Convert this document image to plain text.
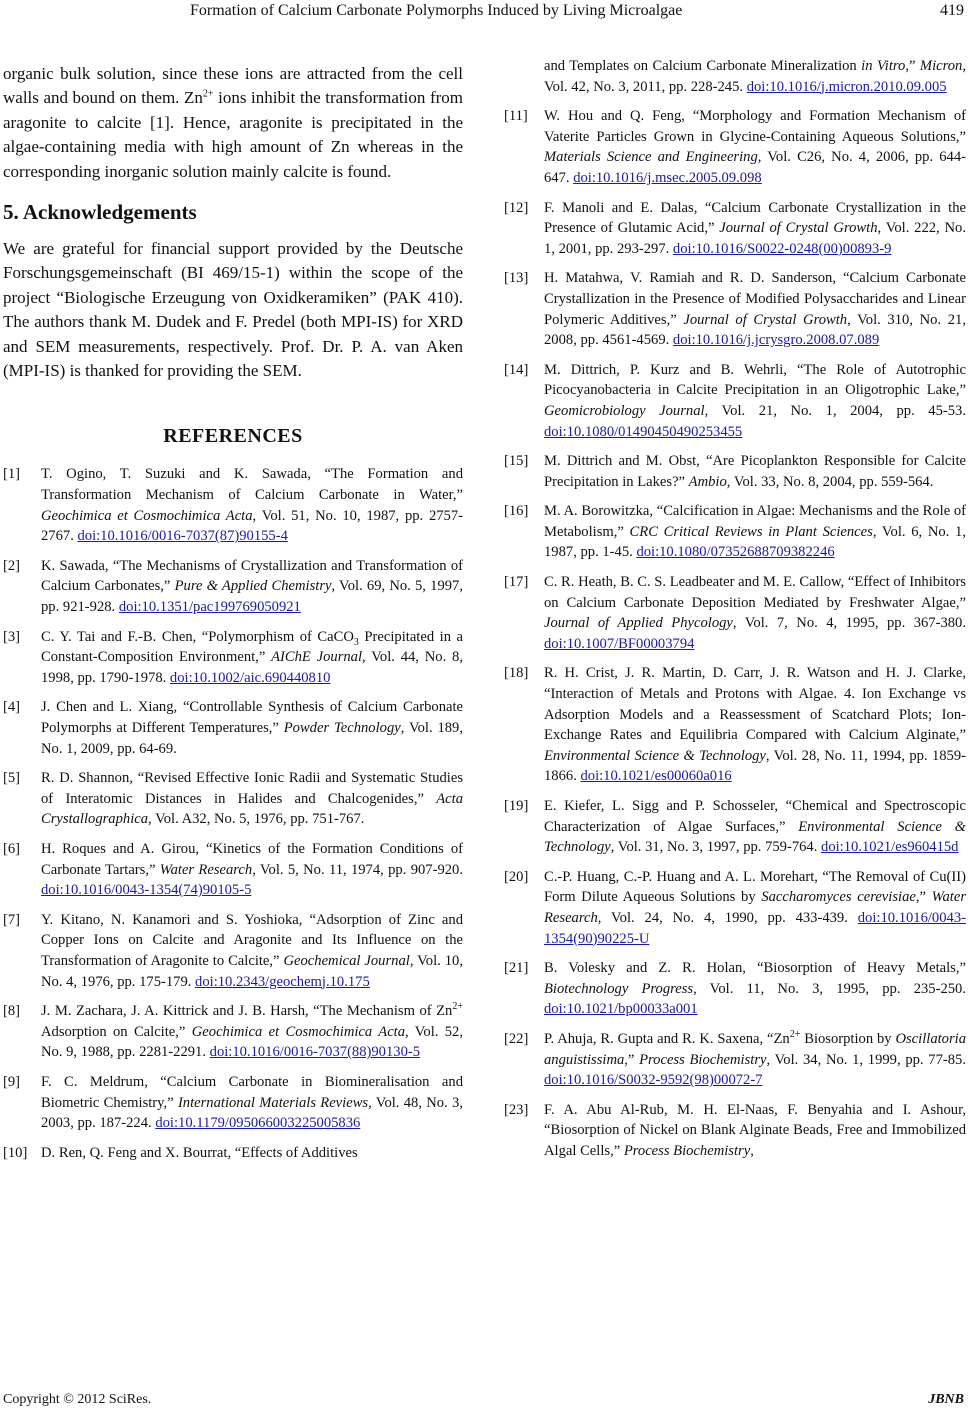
Formation of Calcium Carbonate Polymorphs Induced by Living Microalgae	419

organic bulk solution, since these ions are attracted from the cell walls and bound on them. $Zn^{2+}$ ions inhibit the transformation from aragonite to calcite [1]. Hence, aragonite is precipitated in the algae-containing media with high amount of Zn whereas in the corresponding inorganic solution mainly calcite is found.

5. Acknowledgements

We are grateful for financial support provided by the Deutsche Forschungsgemeinschaft (BI 469/15-1) within the scope of the project “Biologische Erzeugung von Oxidkeramiken” (PAK 410). The authors thank M. Dudek and F. Predel (both MPI-IS) for XRD and SEM measurements, respectively. Prof. Dr. P. A. van Aken (MPI-IS) is thanked for providing the SEM.

REFERENCES
[1]	T. Ogino, T. Suzuki and K. Sawada, “The Formation and Transformation Mechanism of Calcium Carbonate in Water,” Geochimica et Cosmochimica Acta, Vol. 51, No. 10, 1987, pp. 2757-2767. doi:10.1016/0016-7037(87)90155-4
[2]	K. Sawada, “The Mechanisms of Crystallization and Transformation of Calcium Carbonates,” Pure & Applied Chemistry, Vol. 69, No. 5, 1997, pp. 921-928. doi:10.1351/pac199769050921
[3]	C. Y. Tai and F.-B. Chen, “Polymorphism of CaCO$_3$ Precipitated in a Constant-Composition Environment,” AIChE Journal, Vol. 44, No. 8, 1998, pp. 1790-1978. doi:10.1002/aic.690440810
[4]	J. Chen and L. Xiang, “Controllable Synthesis of Calcium Carbonate Polymorphs at Different Temperatures,” Powder Technology, Vol. 189, No. 1, 2009, pp. 64-69.
[5]	R. D. Shannon, “Revised Effective Ionic Radii and Systematic Studies of Interatomic Distances in Halides and Chalcogenides,” Acta Crystallographica, Vol. A32, No. 5, 1976, pp. 751-767.
[6]	H. Roques and A. Girou, “Kinetics of the Formation Conditions of Carbonate Tartars,” Water Research, Vol. 5, No. 11, 1974, pp. 907-920. doi:10.1016/0043-1354(74)90105-5
[7]	Y. Kitano, N. Kanamori and S. Yoshioka, “Adsorption of Zinc and Copper Ions on Calcite and Aragonite and Its Influence on the Transformation of Aragonite to Calcite,” Geochemical Journal, Vol. 10, No. 4, 1976, pp. 175-179. doi:10.2343/geochemj.10.175
[8]	J. M. Zachara, J. A. Kittrick and J. B. Harsh, “The Mechanism of $Zn^{2+}$ Adsorption on Calcite,” Geochimica et Cosmochimica Acta, Vol. 52, No. 9, 1988, pp. 2281-2291. doi:10.1016/0016-7037(88)90130-5
[9]	F. C. Meldrum, “Calcium Carbonate in Biomineralisation and Biometric Chemistry,” International Materials Reviews, Vol. 48, No. 3, 2003, pp. 187-224. doi:10.1179/095066003225005836
[10] D. Ren, Q. Feng and X. Bourrat, “Effects of Additives
and Templates on Calcium Carbonate Mineralization in Vitro,” Micron, Vol. 42, No. 3, 2011, pp. 228-245. doi:10.1016/j.micron.2010.09.005
[11]	W. Hou and Q. Feng, “Morphology and Formation Mechanism of Vaterite Particles Grown in Glycine-Containing Aqueous Solutions,” Materials Science and Engineering, Vol. C26, No. 4, 2006, pp. 644-647. doi:10.1016/j.msec.2005.09.098
[12]	F. Manoli and E. Dalas, “Calcium Carbonate Crystallization in the Presence of Glutamic Acid,” Journal of Crystal Growth, Vol. 222, No. 1, 2001, pp. 293-297. doi:10.1016/S0022-0248(00)00893-9
[13]	H. Matahwa, V. Ramiah and R. D. Sanderson, “Calcium Carbonate Crystallization in the Presence of Modified Polysaccharides and Linear Polymeric Additives,” Journal of Crystal Growth, Vol. 310, No. 21, 2008, pp. 4561-4569. doi:10.1016/j.jcrysgro.2008.07.089
[14]	M. Dittrich, P. Kurz and B. Wehrli, “The Role of Autotrophic Picocyanobacteria in Calcite Precipitation in an Oligotrophic Lake,” Geomicrobiology Journal, Vol. 21, No. 1, 2004, pp. 45-53. doi:10.1080/01490450490253455
[15]	M. Dittrich and M. Obst, “Are Picoplankton Responsible for Calcite Precipitation in Lakes?” Ambio, Vol. 33, No. 8, 2004, pp. 559-564.
[16]	M. A. Borowitzka, “Calcification in Algae: Mechanisms and the Role of Metabolism,” CRC Critical Reviews in Plant Sciences, Vol. 6, No. 1, 1987, pp. 1-45. doi:10.1080/07352688709382246
[17]	C. R. Heath, B. C. S. Leadbeater and M. E. Callow, “Effect of Inhibitors on Calcium Carbonate Deposition Mediated by Freshwater Algae,” Journal of Applied Phycology, Vol. 7, No. 4, 1995, pp. 367-380. doi:10.1007/BF00003794
[18]	R. H. Crist, J. R. Martin, D. Carr, J. R. Watson and H. J. Clarke, “Interaction of Metals and Protons with Algae. 4. Ion Exchange vs Adsorption Models and a Reassessment of Scatchard Plots; Ion-Exchange Rates and Equilibria Compared with Calcium Alginate,” Environmental Science & Technology, Vol. 28, No. 11, 1994, pp. 1859-1866. doi:10.1021/es00060a016
[19]	E. Kiefer, L. Sigg and P. Schosseler, “Chemical and Spectroscopic Characterization of Algae Surfaces,” Environmental Science & Technology, Vol. 31, No. 3, 1997, pp. 759-764. doi:10.1021/es960415d
[20]	C.-P. Huang, C.-P. Huang and A. L. Morehart, “The Removal of Cu(II) Form Dilute Aqueous Solutions by Saccharomyces cerevisiae,” Water Research, Vol. 24, No. 4, 1990, pp. 433-439. doi:10.1016/0043-1354(90)90225-U
[21]	B. Volesky and Z. R. Holan, “Biosorption of Heavy Metals,” Biotechnology Progress, Vol. 11, No. 3, 1995, pp. 235-250. doi:10.1021/bp00033a001
[22]	P. Ahuja, R. Gupta and R. K. Saxena, “$Zn^{2+}$ Biosorption by Oscillatoria anguistissima,” Process Biochemistry, Vol. 34, No. 1, 1999, pp. 77-85. doi:10.1016/S0032-9592(98)00072-7
[23]	F. A. Abu Al-Rub, M. H. El-Naas, F. Benyahia and I. Ashour, “Biosorption of Nickel on Blank Alginate Beads, Free and Immobilized Algal Cells,” Process Biochemistry,
Copyright © 2012 SciRes.	JBNB
